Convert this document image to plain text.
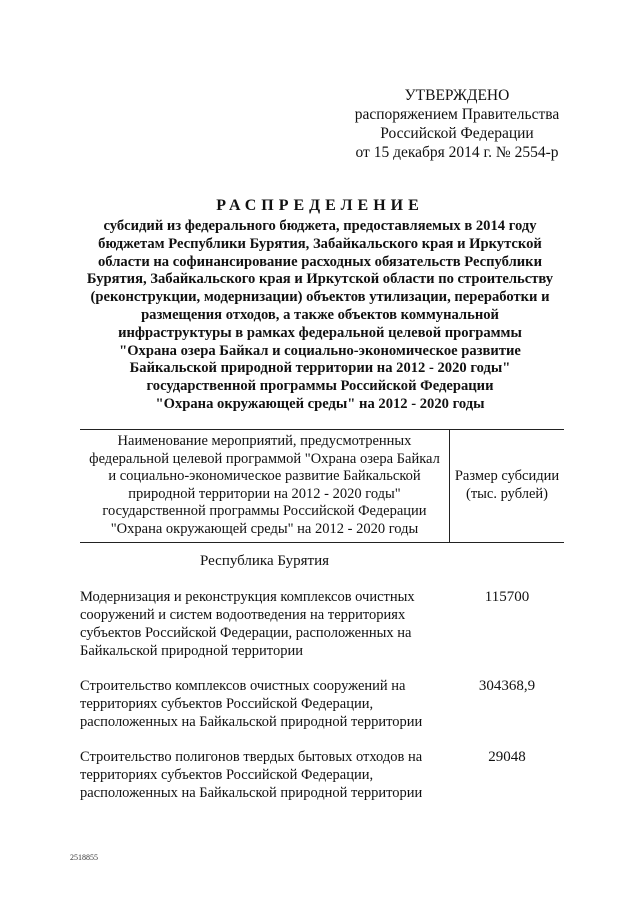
УТВЕРЖДЕНО
распоряжением Правительства
Российской Федерации
от 15 декабря 2014 г. № 2554-р
РАСПРЕДЕЛЕНИЕ
субсидий из федерального бюджета, предоставляемых в 2014 году
бюджетам Республики Бурятия, Забайкальского края и Иркутской
области на софинансирование расходных обязательств Республики
Бурятия, Забайкальского края и Иркутской области по строительству
(реконструкции, модернизации) объектов утилизации, переработки и
размещения отходов, а также объектов коммунальной
инфраструктуры в рамках федеральной целевой программы
"Охрана озера Байкал и социально-экономическое развитие
Байкальской природной территории на 2012 - 2020 годы"
государственной программы Российской Федерации
"Охрана окружающей среды" на 2012 - 2020 годы
Наименование мероприятий, предусмотренных
федеральной целевой программой "Охрана озера Байкал
и социально-экономическое развитие Байкальской
природной территории на 2012 - 2020 годы"
государственной программы Российской Федерации
"Охрана окружающей среды" на 2012 - 2020 годы
Размер субсидии
(тыс. рублей)
Республика Бурятия
Модернизация и реконструкция комплексов очистных
сооружений и систем водоотведения на территориях
субъектов Российской Федерации, расположенных на
Байкальской природной территории
115700
Строительство комплексов очистных сооружений на
территориях субъектов Российской Федерации,
расположенных на Байкальской природной территории
304368,9
Строительство полигонов твердых бытовых отходов на
территориях субъектов Российской Федерации,
расположенных на Байкальской природной территории
29048
2518855
